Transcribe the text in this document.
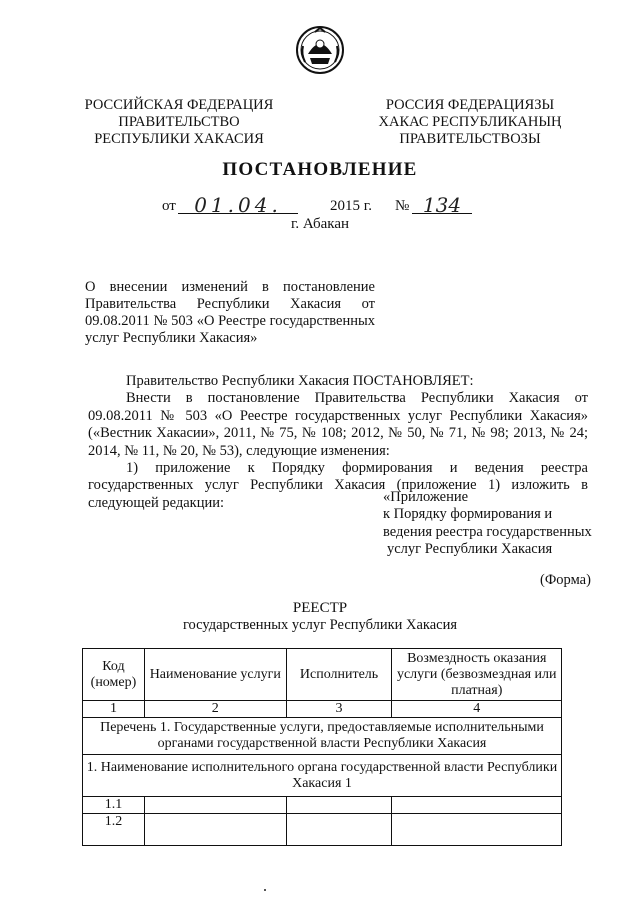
РОССИЙСКАЯ ФЕДЕРАЦИЯ
ПРАВИТЕЛЬСТВО
РЕСПУБЛИКИ ХАКАСИЯ
РОССИЯ ФЕДЕРАЦИЯЗЫ
ХАКАС РЕСПУБЛИКАНЫҢ
ПРАВИТЕЛЬСТВОЗЫ
ПОСТАНОВЛЕНИЕ
от 01.04.	2015 г. № 134
г. Абакан
О внесении изменений в постановление
Правительства Республики Хакасия от
09.08.2011 № 503 «О Реестре государственных
услуг Республики Хакасия»
Правительство Республики Хакасия ПОСТАНОВЛЯЕТ:
Внести в постановление Правительства Республики Хакасия от 09.08.2011 № 503 «О Реестре государственных услуг Республики Хакасия» («Вестник Хакасии», 2011, № 75, № 108; 2012, № 50, № 71, № 98; 2013, № 24; 2014, № 11, № 20, № 53), следующие изменения:
1) приложение к Порядку формирования и ведения реестра государственных услуг Республики Хакасия (приложение 1) изложить в следующей редакции:	«Приложение
к Порядку формирования и
ведения реестра государственных
услуг Республики Хакасия
(Форма)
РЕЕСТР
государственных услуг Республики Хакасия
Код (номер)	Наименование услуги	Исполнитель	Возмездность оказания услуги (безвозмездная или платная)
1	2	3	4
Перечень 1. Государственные услуги, предоставляемые исполнительными органами государственной власти Республики Хакасия			
1. Наименование исполнительного органа государственной власти Республики Хакасия 1			
1.1			
1.2			
